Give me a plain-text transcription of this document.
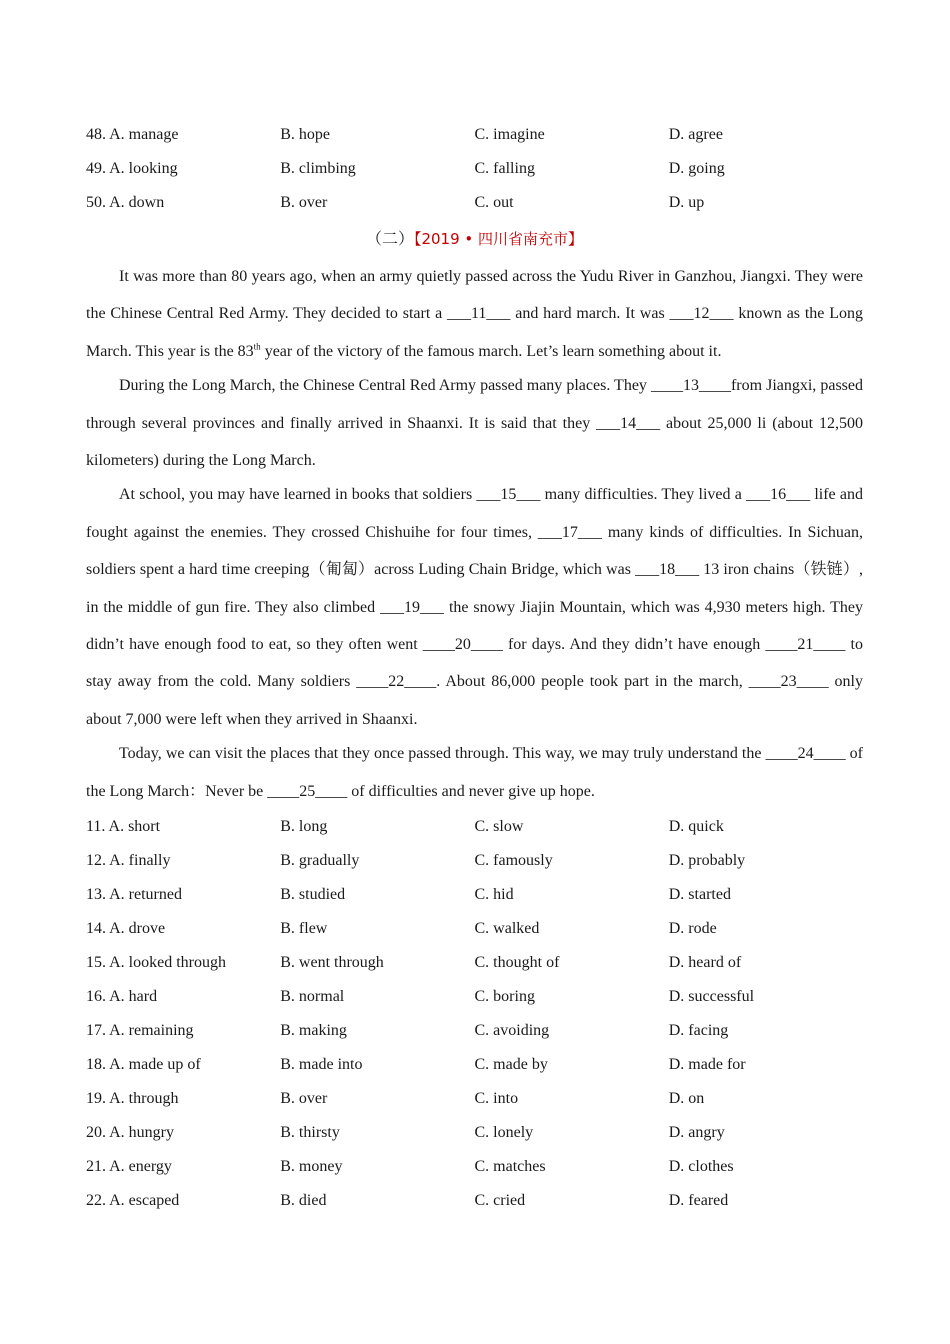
48. A. manage	B. hope	C. imagine	D. agree
49. A. looking	B. climbing	C. falling	D. going
50. A. down	B. over	C. out	D. up
（二）【2019 • 四川省南充市】

It was more than 80 years ago, when an army quietly passed across the Yudu River in Ganzhou, Jiangxi. They were the Chinese Central Red Army. They decided to start a ___11___ and hard march. It was ___12___ known as the Long March. This year is the 83th year of the victory of the famous march. Let’s learn something about it.

During the Long March, the Chinese Central Red Army passed many places. They ____13____from Jiangxi, passed through several provinces and finally arrived in Shaanxi. It is said that they ___14___ about 25,000 li (about 12,500 kilometers) during the Long March.

At school, you may have learned in books that soldiers ___15___ many difficulties. They lived a ___16___ life and fought against the enemies. They crossed Chishuihe for four times, ___17___ many kinds of difficulties. In Sichuan, soldiers spent a hard time creeping（匍匐）across Luding Chain Bridge, which was ___18___ 13 iron chains（铁链）, in the middle of gun fire. They also climbed ___19___ the snowy Jiajin Mountain, which was 4,930 meters high. They didn’t have enough food to eat, so they often went ____20____ for days. And they didn’t have enough ____21____ to stay away from the cold. Many soldiers ____22____. About 86,000 people took part in the march, ____23____ only about 7,000 were left when they arrived in Shaanxi.

Today, we can visit the places that they once passed through. This way, we may truly understand the ____24____ of the Long March：Never be ____25____ of difficulties and never give up hope.

11. A. short	B. long	C. slow	D. quick
12. A. finally	B. gradually	C. famously	D. probably
13. A. returned	B. studied	C. hid	D. started
14. A. drove	B. flew	C. walked	D. rode
15. A. looked through	B. went through	C. thought of	D. heard of
16. A. hard	B. normal	C. boring	D. successful
17. A. remaining	B. making	C. avoiding	D. facing
18. A. made up of	B. made into	C. made by	D. made for
19. A. through	B. over	C. into	D. on
20. A. hungry	B. thirsty	C. lonely	D. angry
21. A. energy	B. money	C. matches	D. clothes
22. A. escaped	B. died	C. cried	D. feared
